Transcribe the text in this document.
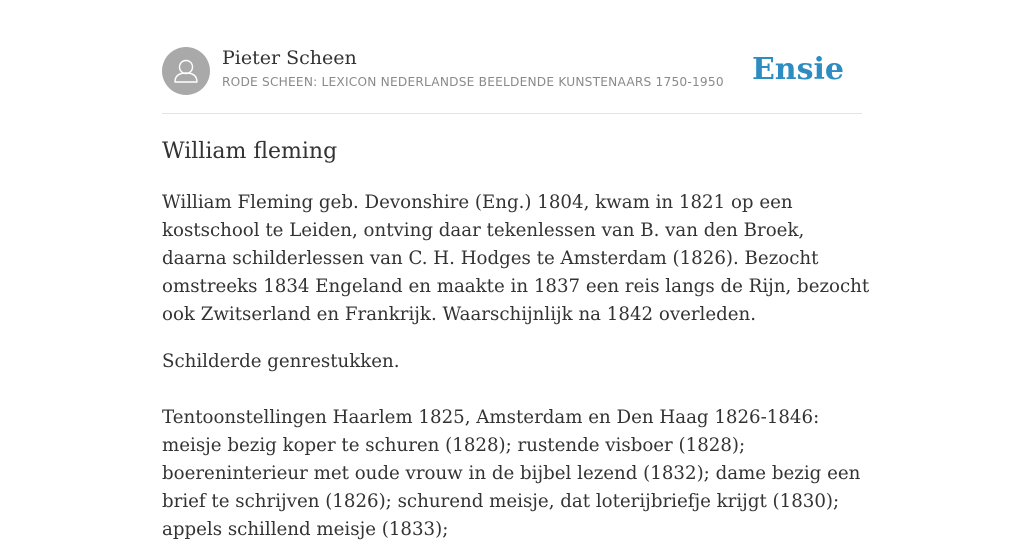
Pieter Scheen
RODE SCHEEN: LEXICON NEDERLANDSE BEELDENDE KUNSTENAARS 1750-1950 Ensie
William fleming

William Fleming geb. Devonshire (Eng.) 1804, kwam in 1821 op een kostschool te Leiden, ontving daar tekenlessen van B. van den Broek, daarna schilderlessen van C. H. Hodges te Amsterdam (1826). Bezocht omstreeks 1834 Engeland en maakte in 1837 een reis langs de Rijn, bezocht ook Zwitserland en Frankrijk. Waarschijnlijk na 1842 overleden.

Schilderde genrestukken.

Tentoonstellingen Haarlem 1825, Amsterdam en Den Haag 1826-1846: meisje bezig koper te schuren (1828); rustende visboer (1828); boereninterieur met oude vrouw in de bijbel lezend (1832); dame bezig een brief te schrijven (1826); schurend meisje, dat loterijbriefje krijgt (1830); appels schillend meisje (1833);
